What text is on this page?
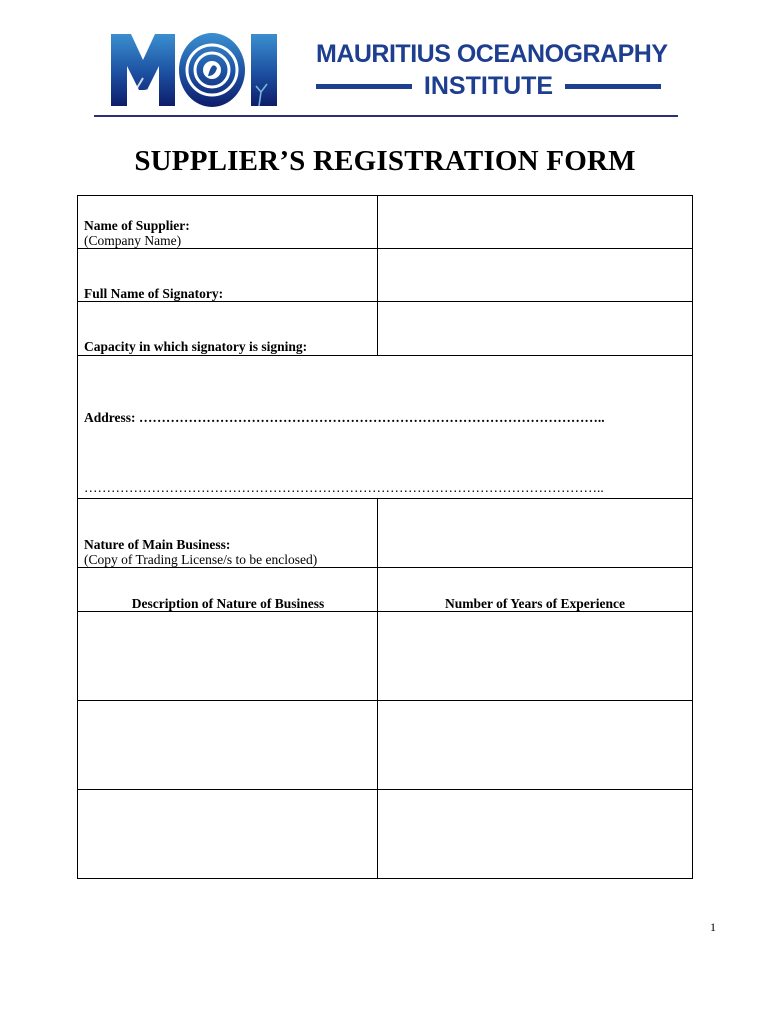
MAURITIUS OCEANOGRAPHY
INSTITUTE
SUPPLIER’S REGISTRATION FORM
Name of Supplier:
(Company Name)
Full Name of Signatory:
Capacity in which signatory is signing:
Address: …………………………………………………………………………………………..
……………………………………………………………………………………………………..
Nature of Main Business:
(Copy of Trading License/s to be enclosed)
Description of Nature of Business	Number of Years of Experience
1
